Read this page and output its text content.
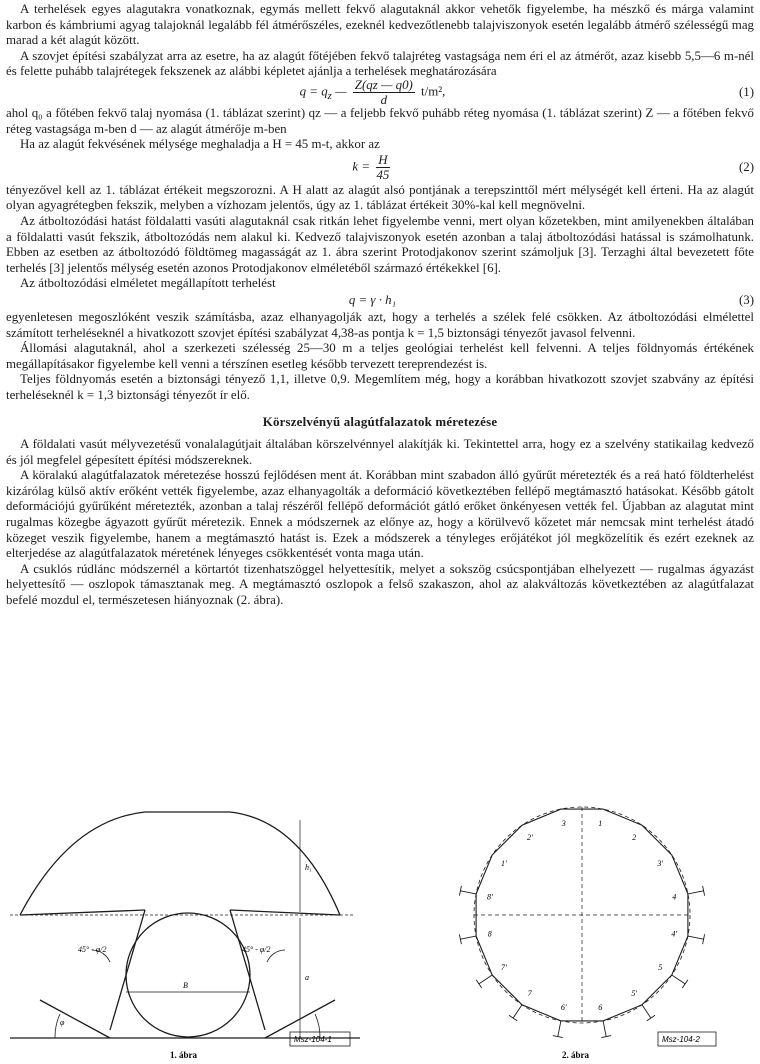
A terhelések egyes alagutakra vonatkoznak, egymás mellett fekvő alagutaknál akkor vehetők figyelembe, ha mészkő és márga valamint karbon és kámbriumi agyag talajoknál legalább fél átmérőszéles, ezeknél kedvezőtlenebb talajviszonyok esetén legalább átmérő szélességű mag marad a két alagút között.

A szovjet építési szabályzat arra az esetre, ha az alagút főtéjében fekvő talajréteg vastagsága nem éri el az átmérőt, azaz kisebb 5,5—6 m-nél és felette puhább talajrétegek fekszenek az alábbi képletet ajánlja a terhelések meghatározására

$q = q_z$ — $\frac{Z(qz — q0)}{d} t/m^2$,	(1)

ahol q₀ a főtében fekvő talaj nyomása (1. táblázat szerint) qz — a feljebb fekvő puhább réteg nyomása (1. táblázat szerint) Z — a főtében fekvő réteg vastagsága m-ben d — az alagút átmérője m-ben

Ha az alagút fekvésének mélysége meghaladja a H = 45 m-t, akkor az

$k = \frac{H}{45}$	(2)

tényezővel kell az 1. táblázat értékeit megszorozni. A H alatt az alagút alsó pontjának a terepszinttől mért mélységét kell érteni. Ha az alagút olyan agyagrétegben fekszik, melyben a vízhozam jelentős, úgy az 1. táblázat értékeit 30%-kal kell megnövelni.

Az átboltozódási hatást földalatti vasúti alagutaknál csak ritkán lehet figyelembe venni, mert olyan kőzetekben, mint amilyenekben általában a földalatti vasút fekszik, átboltozódás nem alakul ki. Kedvező talajviszonyok esetén azonban a talaj átboltozódási hatással is számolhatunk. Ebben az esetben az átboltozódó földtömeg magasságát az 1. ábra szerint Protodjakonov szerint számoljuk [3]. Terzaghi által bevezetett főte terhelés [3] jelentős mélység esetén azonos Protodjakonov elméletéből származó értékekkel [6].

Az átboltozódási elméletet megállapított terhelést

q = γ · h₁	(3)

egyenletesen megoszlóként veszik számításba, azaz elhanyagolják azt, hogy a terhelés a szélek felé csökken. Az átboltozódási elmélettel számított terheléseknél a hivatkozott szovjet építési szabályzat 4,38-as pontja k = 1,5 biztonsági tényezőt javasol felvenni.

Állomási alagutaknál, ahol a szerkezeti szélesség 25—30 m a teljes geológiai terhelést kell felvenni. A teljes földnyomás értékének megállapításakor figyelembe kell venni a térszínen esetleg később tervezett tereprendezést is.

Teljes földnyomás esetén a biztonsági tényező 1,1, illetve 0,9. Megemlítem még, hogy a korábban hivatkozott szovjet szabvány az építési terheléseknél k = 1,3 biztonsági tényezőt ír elő.

Körszelvényű alagútfalazatok méretezése

A földalati vasút mélyvezetésű vonalalagútjait általában körszelvénnyel alakítják ki. Tekintettel arra, hogy ez a szelvény statikailag kedvező és jól megfelel gépesített építési módszereknek.

A köralakú alagútfalazatok méretezése hosszú fejlődésen ment át. Korábban mint szabadon álló gyűrűt méretezték és a reá ható földterhelést kizárólag külső aktív erőként vették figyelembe, azaz elhanyagolták a deformáció következtében fellépő megtámasztó hatásokat. Később gátolt deformációjú gyűrűként méretezték, azonban a talaj részéről fellépő deformációt gátló erőket önkényesen vették fel. Újabban az alagutat mint rugalmas közegbe ágyazott gyűrűt méretezik. Ennek a módszernek az előnye az, hogy a körülvevő kőzetet már nemcsak mint terhelést átadó közeget veszik figyelembe, hanem a megtámasztó hatást is. Ezek a módszerek a tényleges erőjátékot jól megközelítik és ezért ezeknek az elterjedése az alagútfalazatok méretének lényeges csökkentését vonta maga után.

A csuklós rúdlánc módszernél a körtartót tizenhatszöggel helyettesítik, melyet a sokszög csúcspontjában elhelyezett — rugalmas ágyazást helyettesítő — oszlopok támasztanak meg. A megtámasztó oszlopok a felső szakaszon, ahol az alakváltozás következtében az alagútfalazat befelé mozdul el, természetesen hiányoznak (2. ábra).

45° - φ/2	45° - φ/2
φ
B
h₁
a
Msz-104-1
1. ábra
1
2
3'
4
4'
5
5'
6
6'
7
7'
8
8'
1'
2'
3
Msz-104-2
2. ábra
